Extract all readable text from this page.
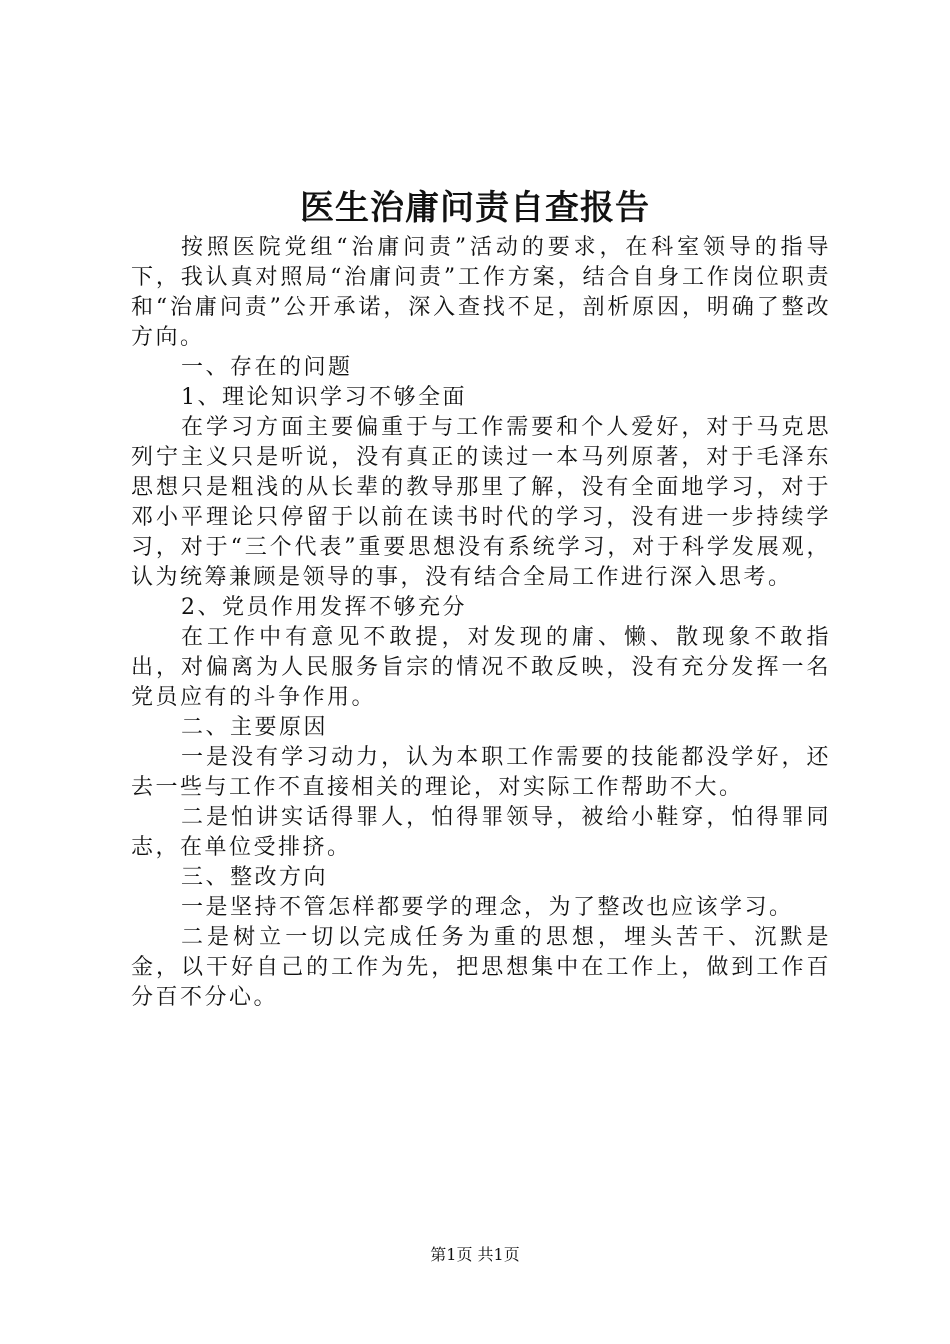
医生治庸问责自查报告

按照医院党组“治庸问责”活动的要求，在科室领导的指导下，我认真对照局“治庸问责”工作方案，结合自身工作岗位职责和“治庸问责”公开承诺，深入查找不足，剖析原因，明确了整改方向。

一、存在的问题

1、理论知识学习不够全面

在学习方面主要偏重于与工作需要和个人爱好，对于马克思列宁主义只是听说，没有真正的读过一本马列原著，对于毛泽东思想只是粗浅的从长辈的教导那里了解，没有全面地学习，对于邓小平理论只停留于以前在读书时代的学习，没有进一步持续学习，对于“三个代表”重要思想没有系统学习，对于科学发展观，认为统筹兼顾是领导的事，没有结合全局工作进行深入思考。

2、党员作用发挥不够充分

在工作中有意见不敢提，对发现的庸、懒、散现象不敢指出，对偏离为人民服务旨宗的情况不敢反映，没有充分发挥一名党员应有的斗争作用。

二、主要原因

一是没有学习动力，认为本职工作需要的技能都没学好，还去一些与工作不直接相关的理论，对实际工作帮助不大。

二是怕讲实话得罪人，怕得罪领导，被给小鞋穿，怕得罪同志，在单位受排挤。

三、整改方向

一是坚持不管怎样都要学的理念，为了整改也应该学习。

二是树立一切以完成任务为重的思想，埋头苦干、沉默是金，以干好自己的工作为先，把思想集中在工作上，做到工作百分百不分心。

第1页 共1页
